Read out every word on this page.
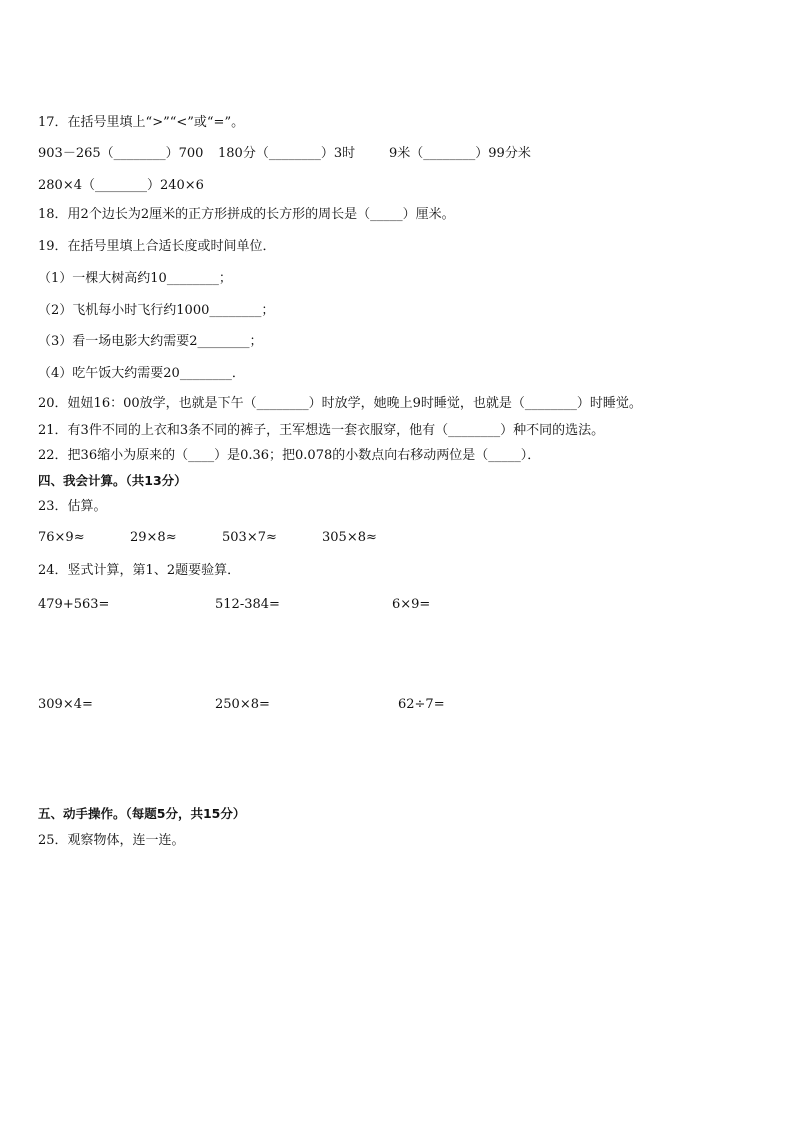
17．在括号里填上“>”“<”或“=”。
903－265（________）700 180分（________）3时	9米（________）99分米
280×4（________）240×6
18．用2个边长为2厘米的正方形拼成的长方形的周长是（_____）厘米。
19．在括号里填上合适长度或时间单位．
（1）一棵大树高约10________；
（2）飞机每小时飞行约1000________；
（3）看一场电影大约需要2________；
（4）吃午饭大约需要20________．
20．妞妞16：00放学，也就是下午（________）时放学，她晚上9时睡觉，也就是（________）时睡觉。
21．有3件不同的上衣和3条不同的裤子，王军想选一套衣服穿，他有（________）种不同的选法。
22．把36缩小为原来的（____）是0.36；把0.078的小数点向右移动两位是（_____）．
四、我会计算。（共13分）
23．估算。
76×9≈	29×8≈	503×7≈	305×8≈
24．竖式计算，第1、2题要验算．
479+563=	512-384=	6×9=
309×4=	250×8=	62÷7=
五、动手操作。（每题5分，共15分）
25．观察物体，连一连。
